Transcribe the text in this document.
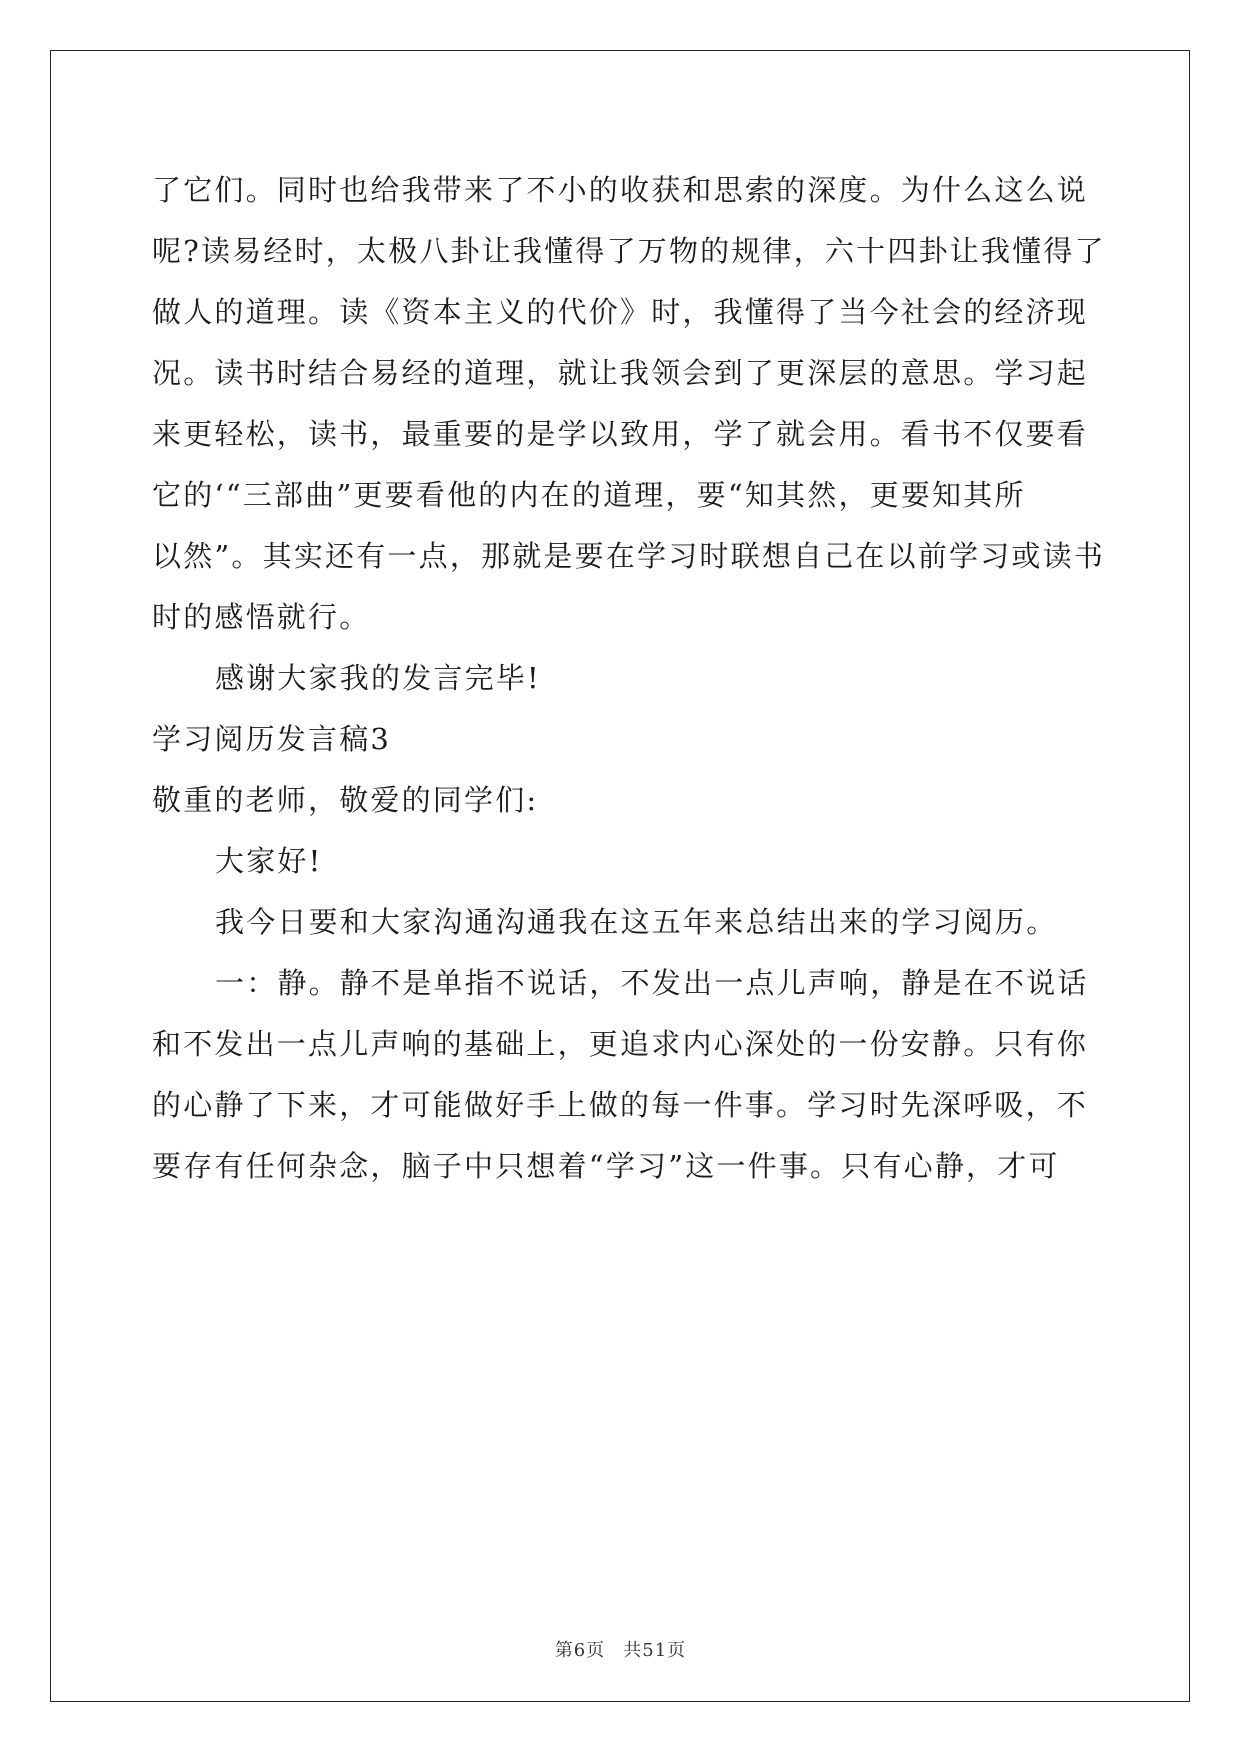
了它们。同时也给我带来了不小的收获和思索的深度。为什么这么说
呢?读易经时，太极八卦让我懂得了万物的规律，六十四卦让我懂得了
做人的道理。读《资本主义的代价》时，我懂得了当今社会的经济现
况。读书时结合易经的道理，就让我领会到了更深层的意思。学习起
来更轻松，读书，最重要的是学以致用，学了就会用。看书不仅要看
它的‘“三部曲”更要看他的内在的道理，要“知其然，更要知其所
以然”。其实还有一点，那就是要在学习时联想自己在以前学习或读书
时的感悟就行。
感谢大家我的发言完毕!
学习阅历发言稿3
敬重的老师，敬爱的同学们:
大家好!
我今日要和大家沟通沟通我在这五年来总结出来的学习阅历。
一：静。静不是单指不说话，不发出一点儿声响，静是在不说话
和不发出一点儿声响的基础上，更追求内心深处的一份安静。只有你
的心静了下来，才可能做好手上做的每一件事。学习时先深呼吸，不
要存有任何杂念，脑子中只想着“学习”这一件事。只有心静，才可
第6页 共51页
